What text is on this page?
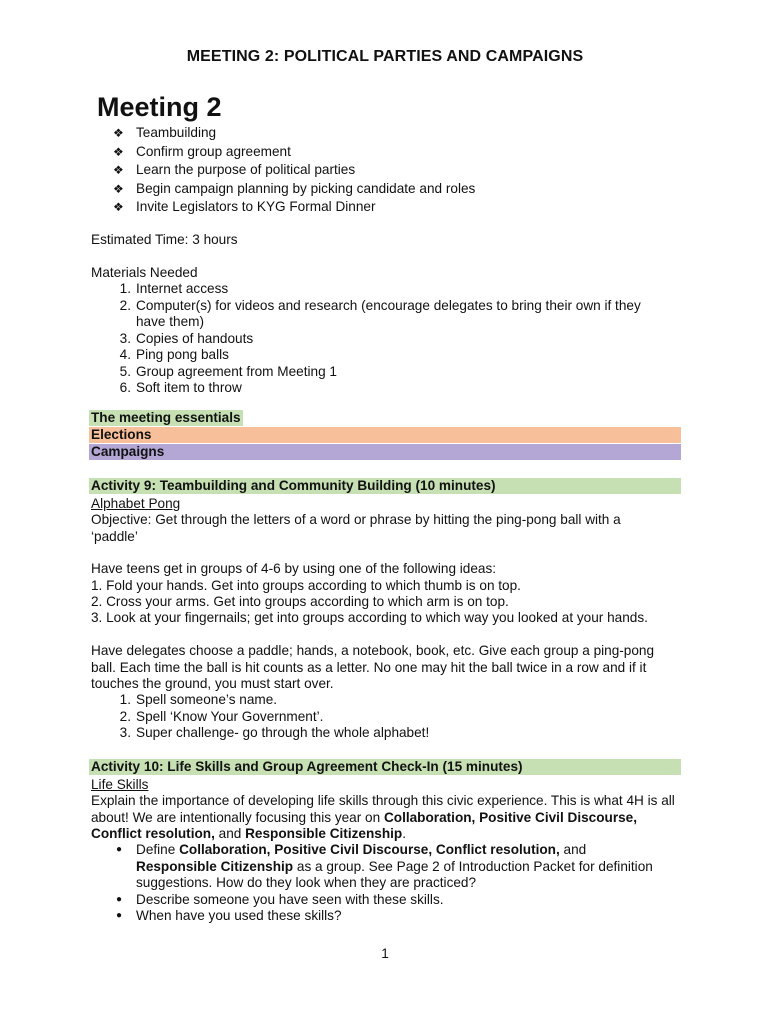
MEETING 2: POLITICAL PARTIES AND CAMPAIGNS
Meeting 2
❖ Teambuilding
❖ Confirm group agreement
❖ Learn the purpose of political parties
❖ Begin campaign planning by picking candidate and roles
❖ Invite Legislators to KYG Formal Dinner
Estimated Time: 3 hours
Materials Needed
1. Internet access
2. Computer(s) for videos and research (encourage delegates to bring their own if they have them)
3. Copies of handouts
4. Ping pong balls
5. Group agreement from Meeting 1
6. Soft item to throw
The meeting essentials
Elections
Campaigns
Activity 9: Teambuilding and Community Building (10 minutes)
Alphabet Pong
Objective: Get through the letters of a word or phrase by hitting the ping-pong ball with a ‘paddle’
Have teens get in groups of 4-6 by using one of the following ideas:
1. Fold your hands. Get into groups according to which thumb is on top.
2. Cross your arms. Get into groups according to which arm is on top.
3. Look at your fingernails; get into groups according to which way you looked at your hands.
Have delegates choose a paddle; hands, a notebook, book, etc. Give each group a ping-pong ball. Each time the ball is hit counts as a letter. No one may hit the ball twice in a row and if it touches the ground, you must start over.
1. Spell someone’s name.
2. Spell ‘Know Your Government’.
3. Super challenge- go through the whole alphabet!
Activity 10: Life Skills and Group Agreement Check-In (15 minutes)
Life Skills
Explain the importance of developing life skills through this civic experience. This is what 4H is all about! We are intentionally focusing this year on Collaboration, Positive Civil Discourse, Conflict resolution, and Responsible Citizenship.
● Define Collaboration, Positive Civil Discourse, Conflict resolution, and Responsible Citizenship as a group. See Page 2 of Introduction Packet for definition suggestions. How do they look when they are practiced?
● Describe someone you have seen with these skills.
● When have you used these skills?
1
